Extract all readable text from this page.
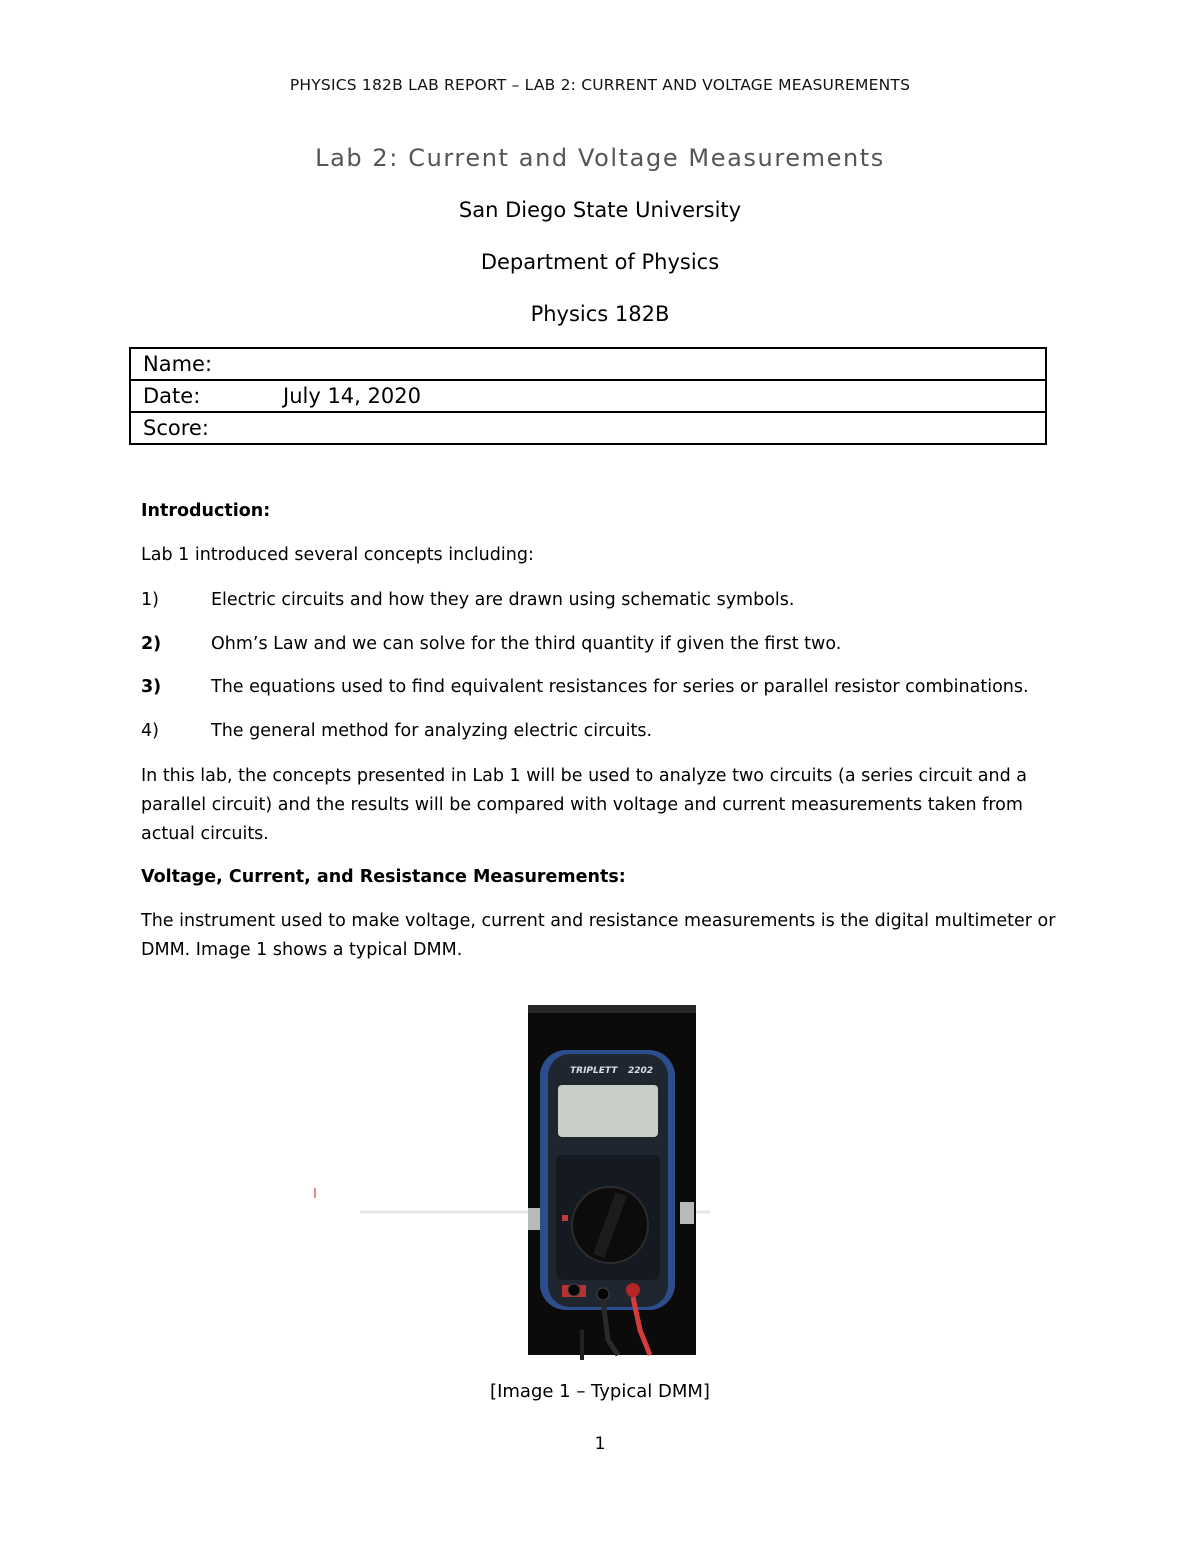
PHYSICS 182B LAB REPORT – LAB 2: CURRENT AND VOLTAGE MEASUREMENTS
Lab 2: Current and Voltage Measurements
San Diego State University
Department of Physics
Physics 182B
Name:
Date:	July 14, 2020
Score:
Introduction:
Lab 1 introduced several concepts including:
1)	Electric circuits and how they are drawn using schematic symbols.
2)	Ohm’s Law and we can solve for the third quantity if given the first two.
3)	The equations used to find equivalent resistances for series or parallel resistor combinations.
4)	The general method for analyzing electric circuits.
In this lab, the concepts presented in Lab 1 will be used to analyze two circuits (a series circuit and a parallel circuit) and the results will be compared with voltage and current measurements taken from actual circuits.
Voltage, Current, and Resistance Measurements:
The instrument used to make voltage, current and resistance measurements is the digital multimeter or DMM. Image 1 shows a typical DMM.
TRIPLETT 2202
[Image 1 – Typical DMM]
1
